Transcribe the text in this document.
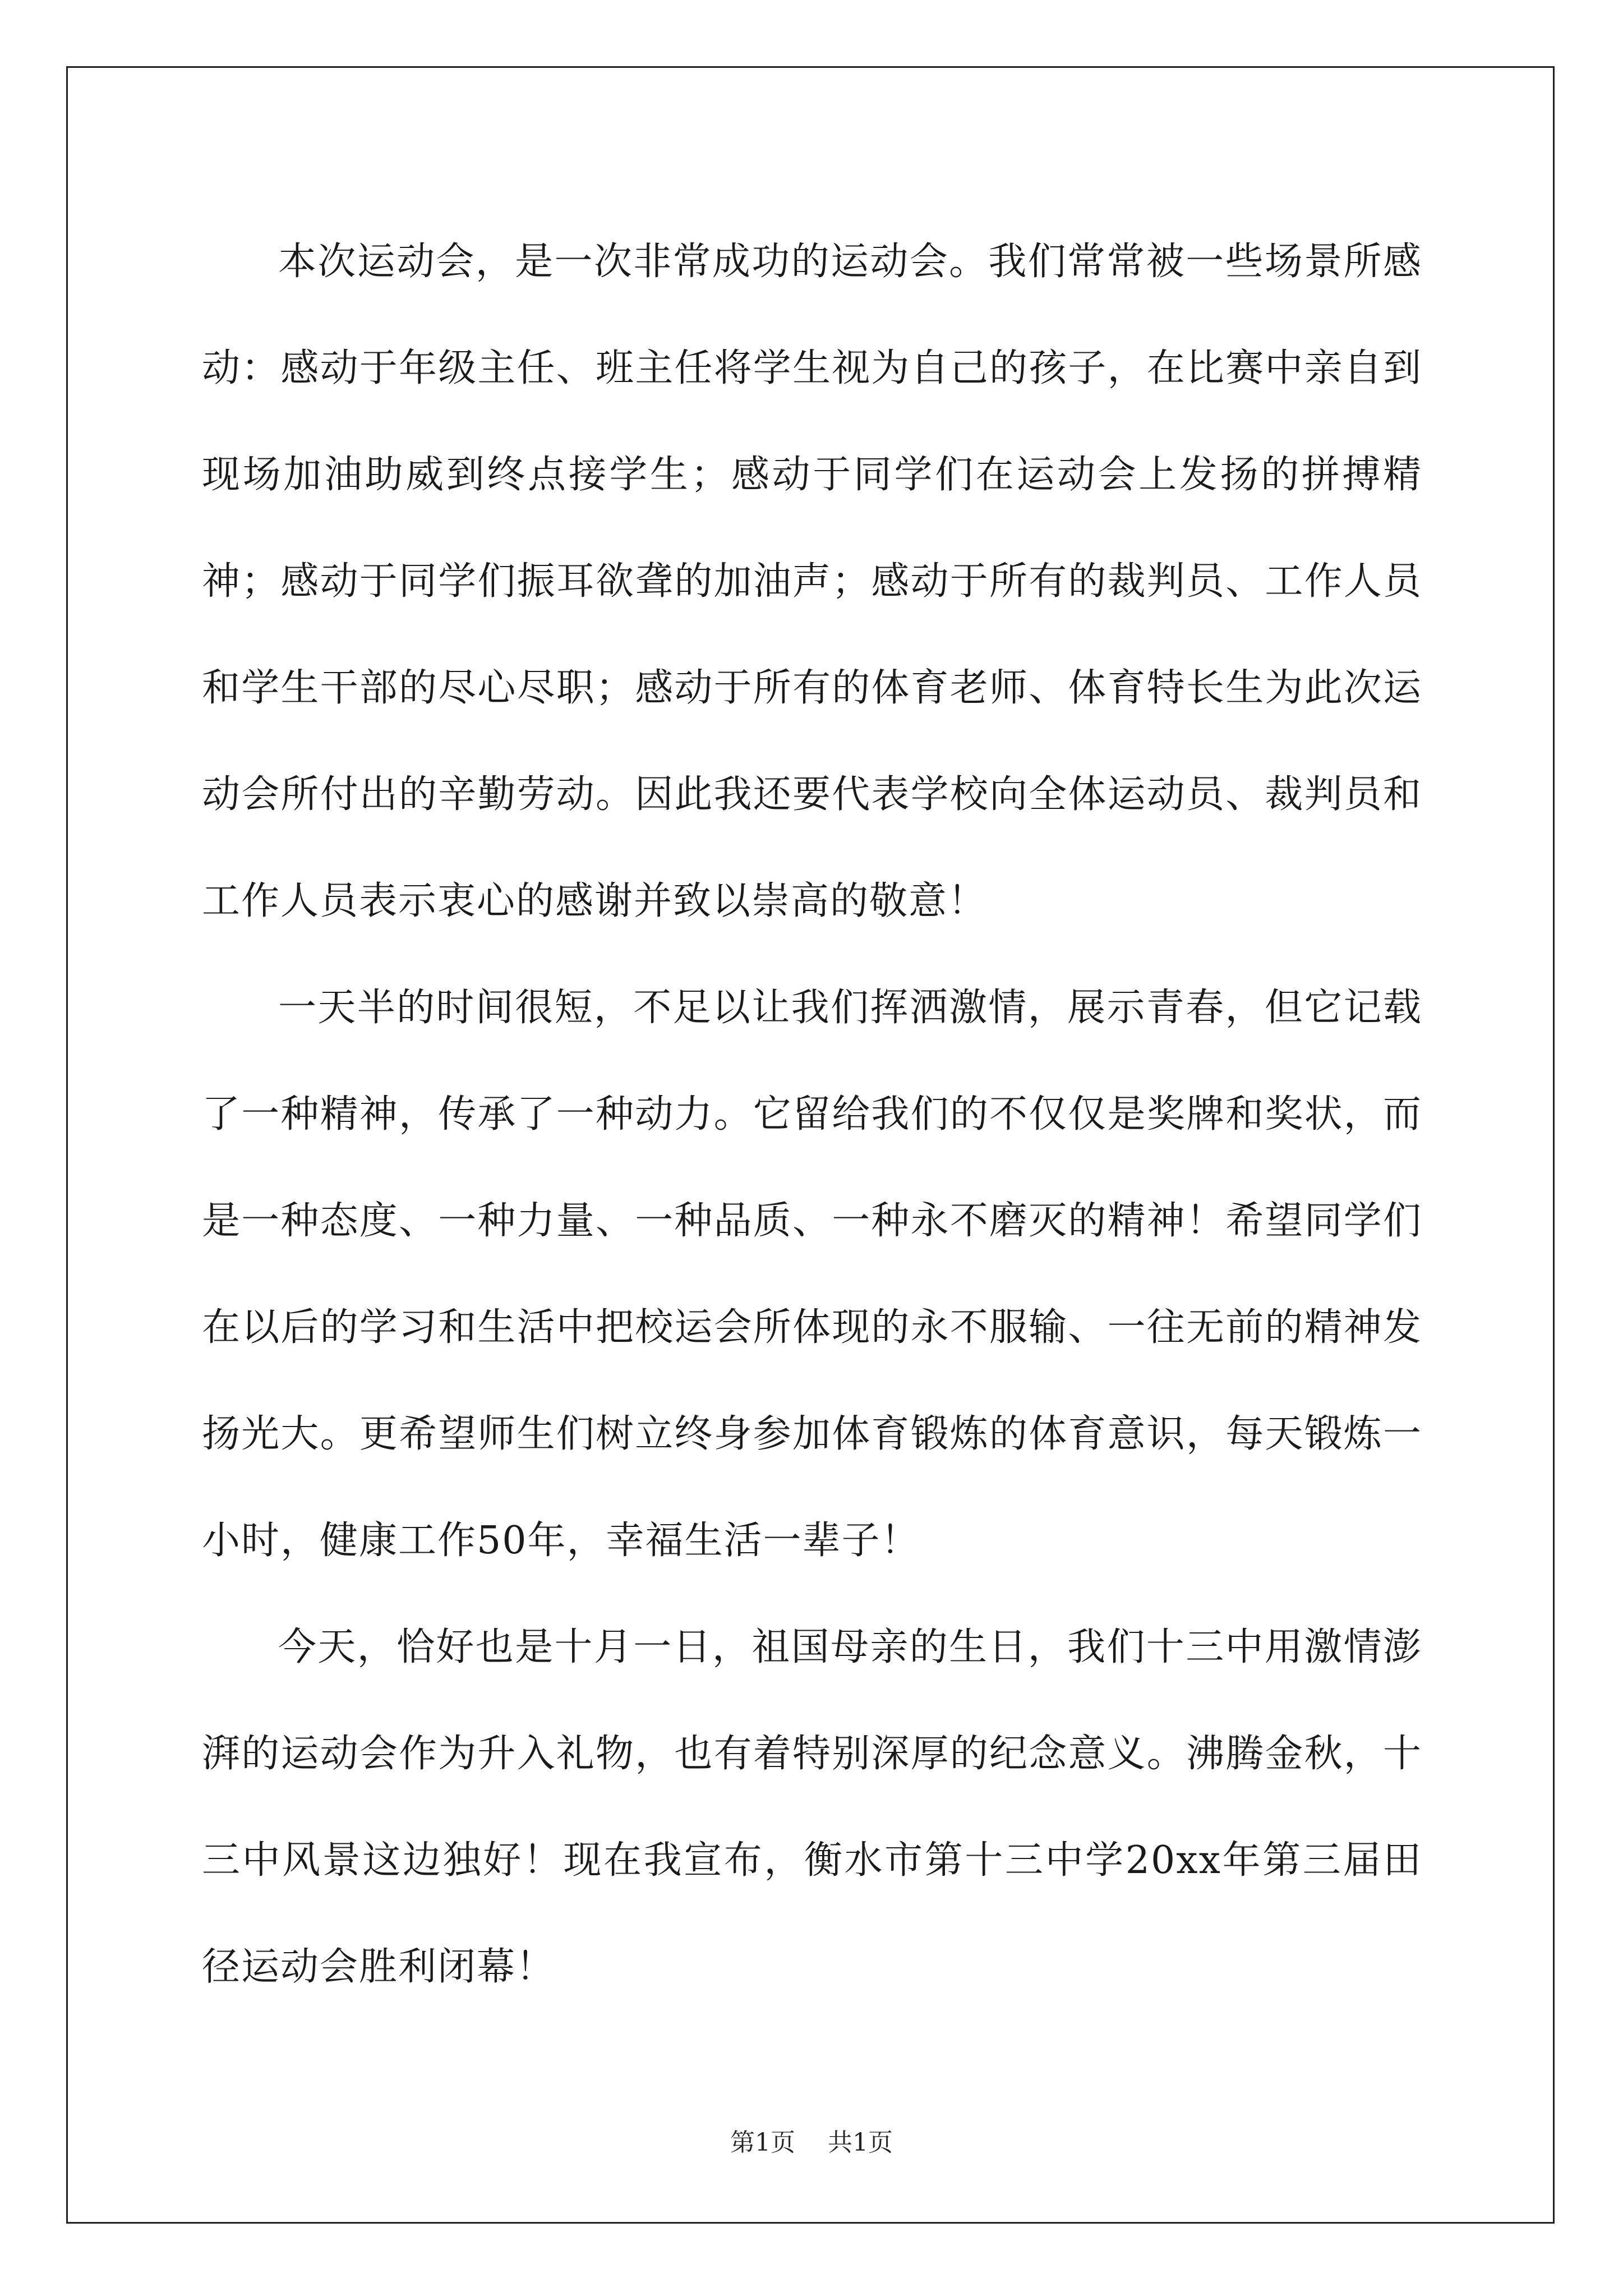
本次运动会，是一次非常成功的运动会。我们常常被一些场景所感动：感动于年级主任、班主任将学生视为自己的孩子，在比赛中亲自到现场加油助威到终点接学生；感动于同学们在运动会上发扬的拼搏精神；感动于同学们振耳欲聋的加油声；感动于所有的裁判员、工作人员和学生干部的尽心尽职；感动于所有的体育老师、体育特长生为此次运动会所付出的辛勤劳动。因此我还要代表学校向全体运动员、裁判员和工作人员表示衷心的感谢并致以崇高的敬意！

一天半的时间很短，不足以让我们挥洒激情，展示青春，但它记载了一种精神，传承了一种动力。它留给我们的不仅仅是奖牌和奖状，而是一种态度、一种力量、一种品质、一种永不磨灭的精神！希望同学们在以后的学习和生活中把校运会所体现的永不服输、一往无前的精神发扬光大。更希望师生们树立终身参加体育锻炼的体育意识，每天锻炼一小时，健康工作50年，幸福生活一辈子！

今天，恰好也是十月一日，祖国母亲的生日，我们十三中用激情澎湃的运动会作为升入礼物，也有着特别深厚的纪念意义。沸腾金秋，十三中风景这边独好！现在我宣布，衡水市第十三中学20xx年第三届田径运动会胜利闭幕！

第1页 共1页
